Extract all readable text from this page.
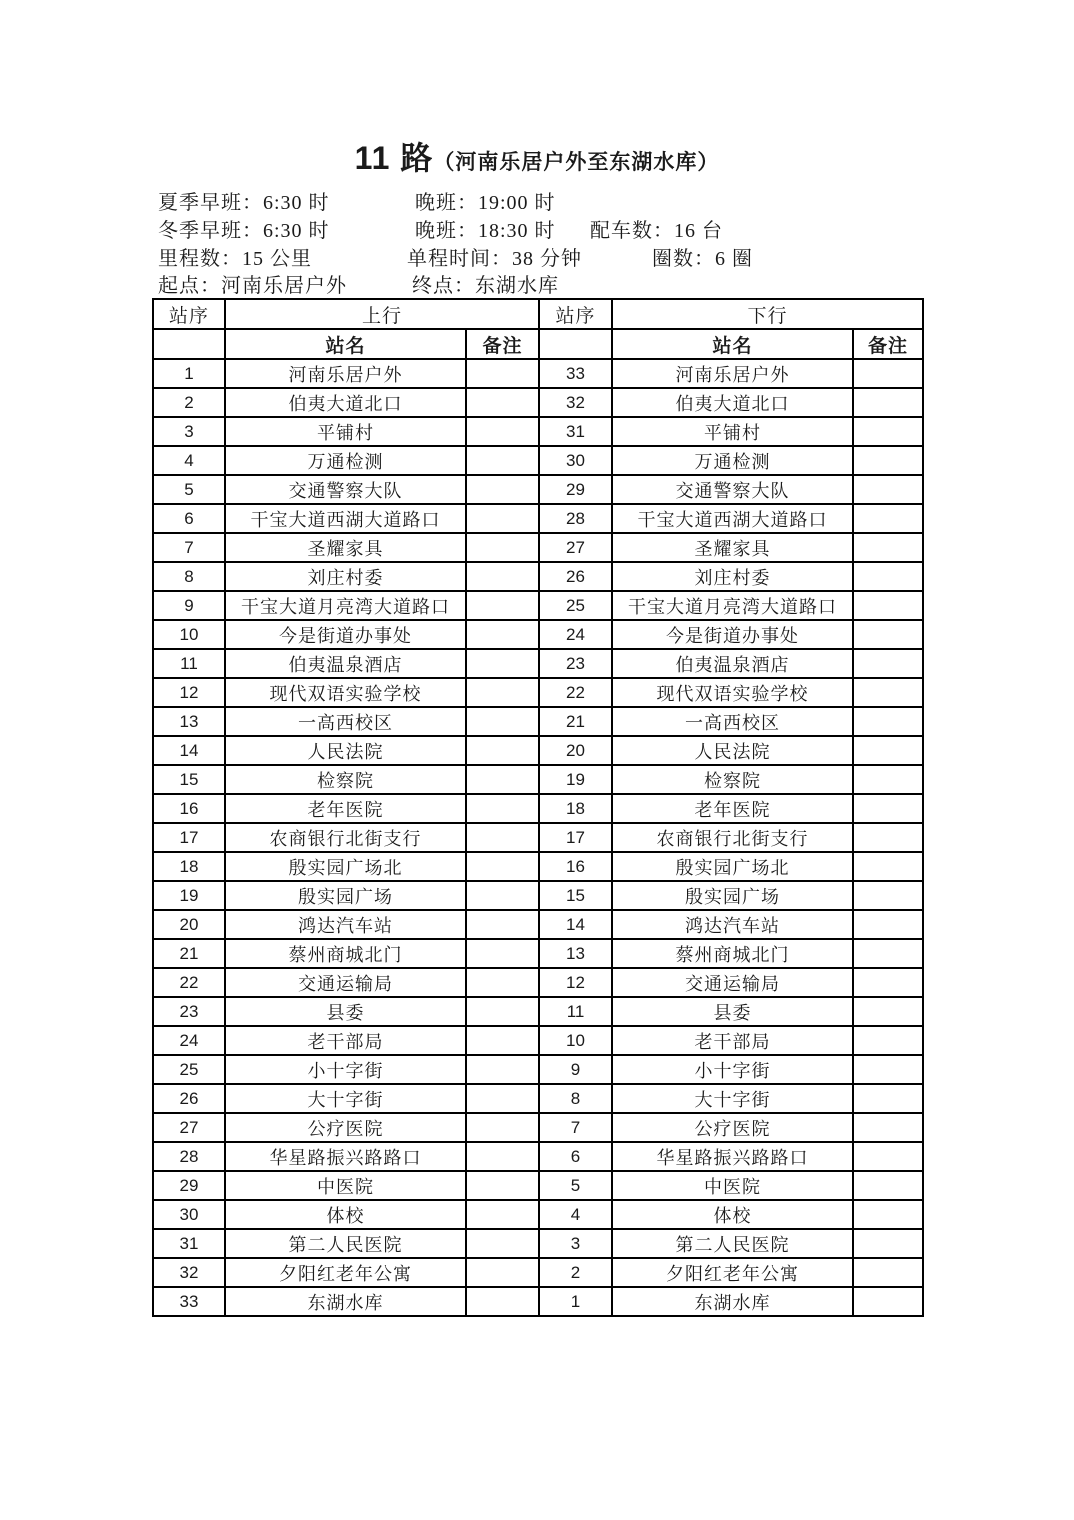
11 路（河南乐居户外至东湖水库）
夏季早班：6:30 时	晚班：19:00 时
冬季早班：6:30 时	晚班：18:30 时 配车数：16 台
里程数：15 公里	单程时间：38 分钟	圈数：6 圈
起点：河南乐居户外	终点：东湖水库
站序	上行		站序	下行	
	站名	备注		站名	备注
1	河南乐居户外		33	河南乐居户外	
2	伯夷大道北口		32	伯夷大道北口	
3	平铺村		31	平铺村	
4	万通检测		30	万通检测	
5	交通警察大队		29	交通警察大队	
6	干宝大道西湖大道路口		28	干宝大道西湖大道路口	
7	圣耀家具		27	圣耀家具	
8	刘庄村委		26	刘庄村委	
9	干宝大道月亮湾大道路口		25	干宝大道月亮湾大道路口	
10	今是街道办事处		24	今是街道办事处	
11	伯夷温泉酒店		23	伯夷温泉酒店	
12	现代双语实验学校		22	现代双语实验学校	
13	一高西校区		21	一高西校区	
14	人民法院		20	人民法院	
15	检察院		19	检察院	
16	老年医院		18	老年医院	
17	农商银行北街支行		17	农商银行北街支行	
18	殷实园广场北		16	殷实园广场北	
19	殷实园广场		15	殷实园广场	
20	鸿达汽车站		14	鸿达汽车站	
21	蔡州商城北门		13	蔡州商城北门	
22	交通运输局		12	交通运输局	
23	县委		11	县委	
24	老干部局		10	老干部局	
25	小十字街		9	小十字街	
26	大十字街		8	大十字街	
27	公疗医院		7	公疗医院	
28	华星路振兴路路口		6	华星路振兴路路口	
29	中医院		5	中医院	
30	体校		4	体校	
31	第二人民医院		3	第二人民医院	
32	夕阳红老年公寓		2	夕阳红老年公寓	
33	东湖水库		1	东湖水库	
